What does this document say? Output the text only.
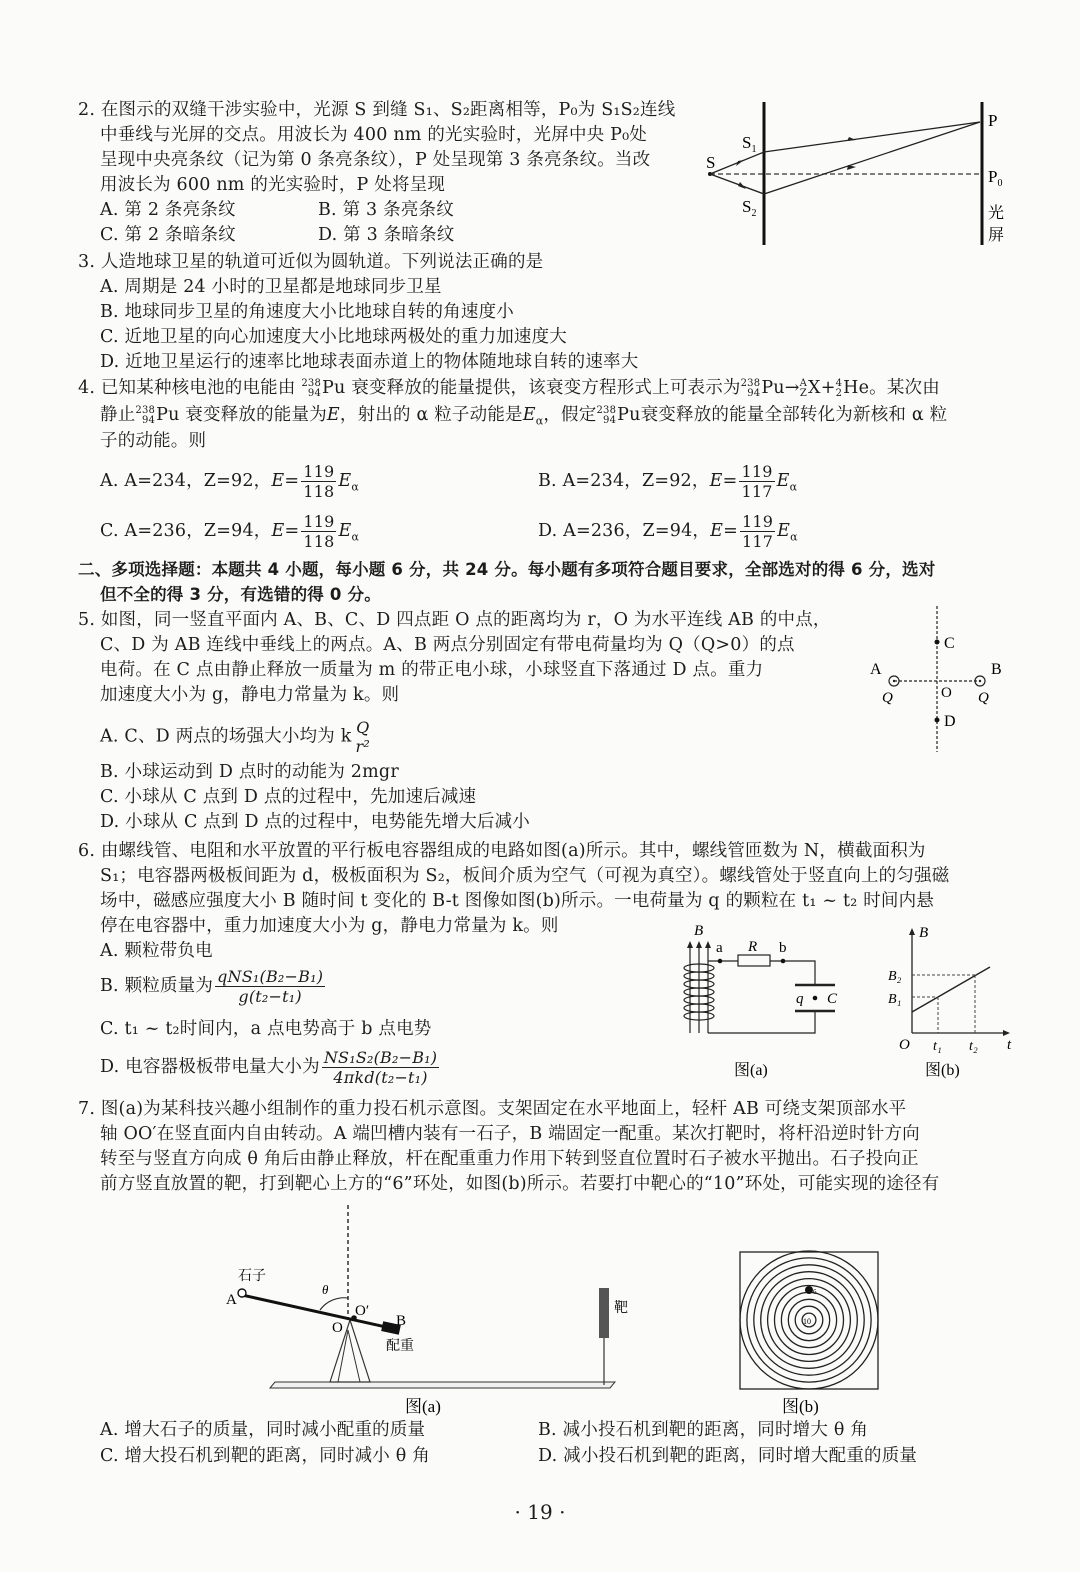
2. 在图示的双缝干涉实验中，光源 S 到缝 S₁、S₂距离相等，P₀为 S₁S₂连线
中垂线与光屏的交点。用波长为 400 nm 的光实验时，光屏中央 P₀处
呈现中央亮条纹（记为第 0 条亮条纹），P 处呈现第 3 条亮条纹。当改
用波长为 600 nm 的光实验时，P 处将呈现
A. 第 2 条亮条纹	B. 第 3 条亮条纹
C. 第 2 条暗条纹	D. 第 3 条暗条纹
S
$S_1$
$S_2$
P
$P_0$
光
屏
3. 人造地球卫星的轨道可近似为圆轨道。下列说法正确的是
A. 周期是 24 小时的卫星都是地球同步卫星
B. 地球同步卫星的角速度大小比地球自转的角速度小
C. 近地卫星的向心加速度大小比地球两极处的重力加速度大
D. 近地卫星运行的速率比地球表面赤道上的物体随地球自转的速率大
4. 已知某种核电池的电能由 238
94 Pu 衰变释放的能量提供，该衰变方程形式上可表示为 238
94 Pu→ A
Z X+ 4
2 He。某次由
静止 238
94 Pu 衰变释放的能量为E，射出的 α 粒子动能是$E_\alpha$，假定 238
94 Pu衰变释放的能量全部转化为新核和 α 粒
子的动能。则
A. A=234，Z=92，$E= \frac{119}{118} E_\alpha$	B. A=234，Z=92，$E= \frac{119}{117} E_\alpha$
C. A=236，Z=94，$E= \frac{119}{118} E_\alpha$	D. A=236，Z=94，$E= \frac{119}{117} E_\alpha$
二、多项选择题：本题共 4 小题，每小题 6 分，共 24 分。每小题有多项符合题目要求，全部选对的得 6 分，选对
但不全的得 3 分，有选错的得 0 分。
5. 如图，同一竖直平面内 A、B、C、D 四点距 O 点的距离均为 r，O 为水平连线 AB 的中点，
C、D 为 AB 连线中垂线上的两点。A、B 两点分别固定有带电荷量均为 Q（Q>0）的点
电荷。在 C 点由静止释放一质量为 m 的带正电小球，小球竖直下落通过 D 点。重力
加速度大小为 g，静电力常量为 k。则
A. C、D 两点的场强大小均为 k Q
r²
B. 小球运动到 D 点时的动能为 2mgr
C. 小球从 C 点到 D 点的过程中，先加速后减速
D. 小球从 C 点到 D 点的过程中，电势能先增大后减小
C
D
A	B
O
Q	Q
6. 由螺线管、电阻和水平放置的平行板电容器组成的电路如图(a)所示。其中，螺线管匝数为 N，横截面积为
S₁；电容器两极板间距为 d，极板面积为 S₂，板间介质为空气（可视为真空）。螺线管处于竖直向上的匀强磁
场中，磁感应强度大小 B 随时间 t 变化的 B-t 图像如图(b)所示。一电荷量为 q 的颗粒在 t₁ ~ t₂ 时间内悬
停在电容器中，重力加速度大小为 g，静电力常量为 k。则
A. 颗粒带负电
B. 颗粒质量为 $\frac{\text{qNS₁(B₂−B₁)}}{\text{g(t₂−t₁)}}$
C. t₁ ~ t₂时间内，a 点电势高于 b 点电势
D. 电容器极板带电量大小为 $\frac{\text{NS₁S₂(B₂−B₁)}}{\text{4πkd(t₂−t₁)}}$
B
a R b
q C
图(a)
B
B₂
B₁
O t₁ t₂ t
图(b)
7. 图(a)为某科技兴趣小组制作的重力投石机示意图。支架固定在水平地面上，轻杆 AB 可绕支架顶部水平
轴 OO′在竖直面内自由转动。A 端凹槽内装有一石子，B 端固定一配重。某次打靶时，将杆沿逆时针方向
转至与竖直方向成 θ 角后由静止释放，杆在配重重力作用下转到竖直位置时石子被水平抛出。石子投向正
前方竖直放置的靶，打到靶心上方的“6”环处，如图(b)所示。若要打中靶心的“10”环处，可能实现的途径有
石子
A
θ
O
O′
B
配重
靶
图(a)
6
10
图(b)
A. 增大石子的质量，同时减小配重的质量	B. 减小投石机到靶的距离，同时增大 θ 角
C. 增大投石机到靶的距离，同时减小 θ 角	D. 减小投石机到靶的距离，同时增大配重的质量
· 19 ·
